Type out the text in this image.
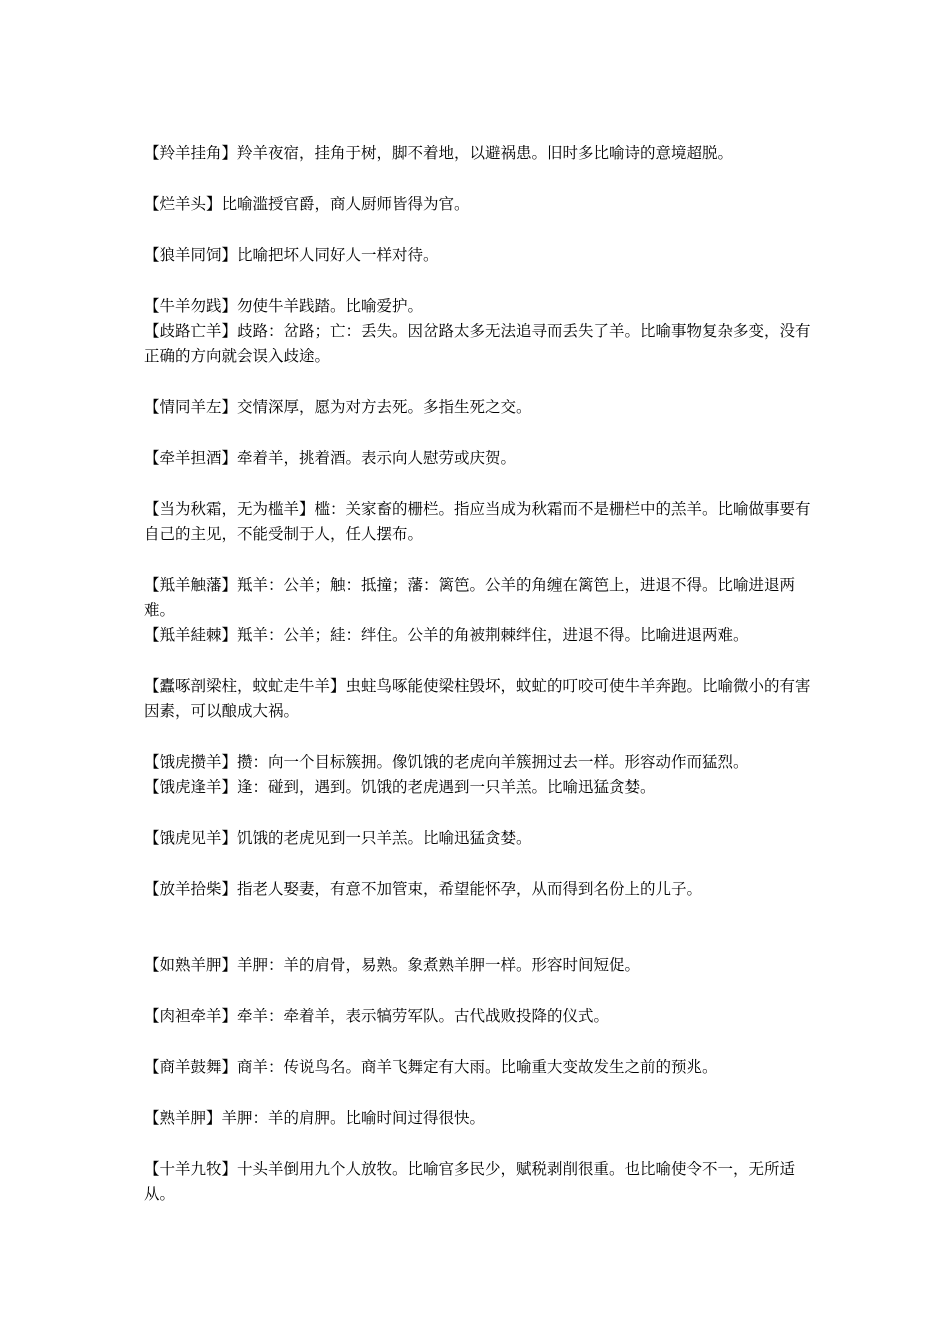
【羚羊挂角】羚羊夜宿，挂角于树，脚不着地，以避祸患。旧时多比喻诗的意境超脱。

【烂羊头】比喻滥授官爵，商人厨师皆得为官。

【狼羊同饲】比喻把坏人同好人一样对待。

【牛羊勿践】勿使牛羊践踏。比喻爱护。

【歧路亡羊】歧路：岔路；亡：丢失。因岔路太多无法追寻而丢失了羊。比喻事物复杂多变，没有正确的方向就会误入歧途。

【情同羊左】交情深厚，愿为对方去死。多指生死之交。

【牵羊担酒】牵着羊，挑着酒。表示向人慰劳或庆贺。

【当为秋霜，无为槛羊】槛：关家畜的栅栏。指应当成为秋霜而不是栅栏中的羔羊。比喻做事要有自己的主见，不能受制于人，任人摆布。

【羝羊触藩】羝羊：公羊；触：抵撞；藩：篱笆。公羊的角缠在篱笆上，进退不得。比喻进退两难。

【羝羊絓棘】羝羊：公羊；絓：绊住。公羊的角被荆棘绊住，进退不得。比喻进退两难。

【蠹啄剖梁柱，蚊虻走牛羊】虫蛀鸟啄能使梁柱毁坏，蚊虻的叮咬可使牛羊奔跑。比喻微小的有害因素，可以酿成大祸。

【饿虎攒羊】攒：向一个目标簇拥。像饥饿的老虎向羊簇拥过去一样。形容动作而猛烈。

【饿虎逢羊】逢：碰到，遇到。饥饿的老虎遇到一只羊羔。比喻迅猛贪婪。

【饿虎见羊】饥饿的老虎见到一只羊羔。比喻迅猛贪婪。

【放羊拾柴】指老人娶妻，有意不加管束，希望能怀孕，从而得到名份上的儿子。

【如熟羊胛】羊胛：羊的肩骨，易熟。象煮熟羊胛一样。形容时间短促。

【肉袒牵羊】牵羊：牵着羊，表示犒劳军队。古代战败投降的仪式。

【商羊鼓舞】商羊：传说鸟名。商羊飞舞定有大雨。比喻重大变故发生之前的预兆。

【熟羊胛】羊胛：羊的肩胛。比喻时间过得很快。

【十羊九牧】十头羊倒用九个人放牧。比喻官多民少，赋税剥削很重。也比喻使令不一，无所适从。
